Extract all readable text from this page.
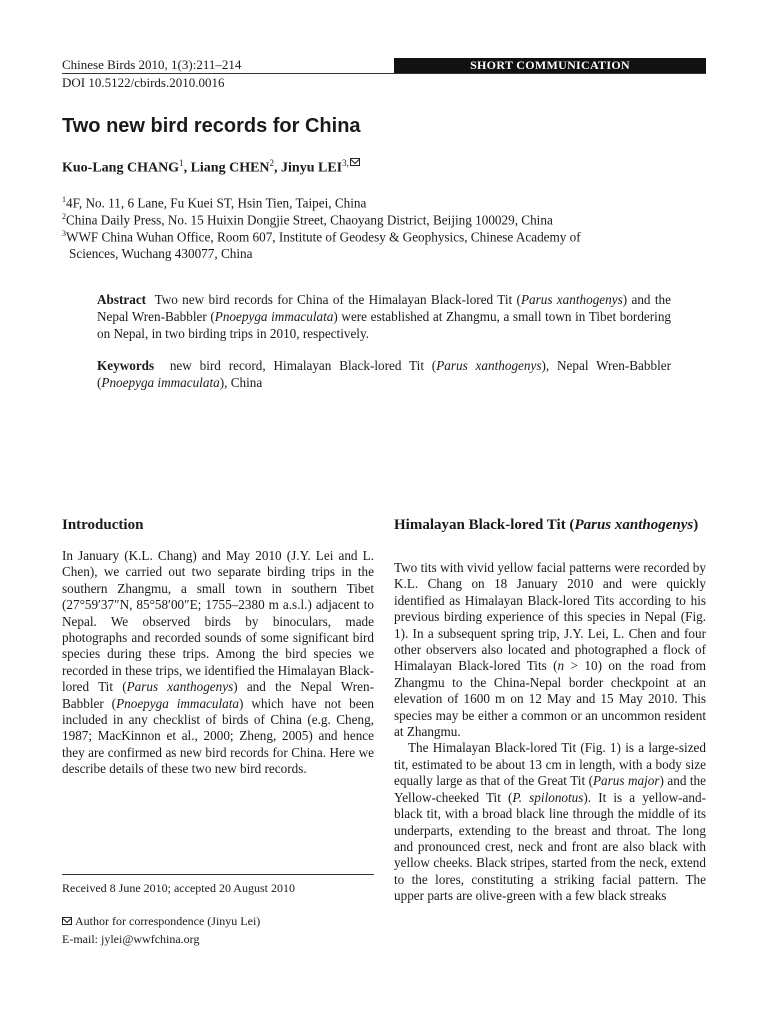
Chinese Birds 2010, 1(3):211–214	SHORT COMMUNICATION
DOI 10.5122/cbirds.2010.0016
Two new bird records for China
Kuo-Lang CHANG$^1$, Liang CHEN$^2$, Jinyu $LEI^{3,}$
$^1$4F, No. 11, 6 Lane, Fu Kuei ST, Hsin Tien, Taipei, China
$^2$China Daily Press, No. 15 Huixin Dongjie Street, Chaoyang District, Beijing 100029, China
$^3$WWF China Wuhan Office, Room 607, Institute of Geodesy & Geophysics, Chinese Academy of
Sciences, Wuchang 430077, China
Abstract Two new bird records for China of the Himalayan Black-lored Tit (Parus xanthogenys) and the Nepal Wren-Babbler (Pnoepyga immaculata) were established at Zhangmu, a small town in Tibet bordering on Nepal, in two birding trips in 2010, respectively.
Keywords new bird record, Himalayan Black-lored Tit (Parus xanthogenys), Nepal Wren-Babbler (Pnoepyga immaculata), China
Introduction

In January (K.L. Chang) and May 2010 (J.Y. Lei and L. Chen), we carried out two separate birding trips in the southern Zhangmu, a small town in southern Tibet (27°59′37″N, 85°58′00″E; 1755–2380 m a.s.l.) adjacent to Nepal. We observed birds by binoculars, made photographs and recorded sounds of some significant bird species during these trips. Among the bird species we recorded in these trips, we identified the Himalayan Black-lored Tit (Parus xanthogenys) and the Nepal Wren-Babbler (Pnoepyga immaculata) which have not been included in any checklist of birds of China (e.g. Cheng, 1987; MacKinnon et al., 2000; Zheng, 2005) and hence they are confirmed as new bird records for China. Here we describe details of these two new bird records.

Received 8 June 2010; accepted 20 August 2010
Author for correspondence (Jinyu Lei)
E-mail: jylei@wwfchina.org
Himalayan Black-lored Tit (Parus xanthogenys)

Two tits with vivid yellow facial patterns were recorded by K.L. Chang on 18 January 2010 and were quickly identified as Himalayan Black-lored Tits according to his previous birding experience of this species in Nepal (Fig. 1). In a subsequent spring trip, J.Y. Lei, L. Chen and four other observers also located and photographed a flock of Himalayan Black-lored Tits (n > 10) on the road from Zhangmu to the China-Nepal border checkpoint at an elevation of 1600 m on 12 May and 15 May 2010. This species may be either a common or an uncommon resident at Zhangmu.

The Himalayan Black-lored Tit (Fig. 1) is a large-sized tit, estimated to be about 13 cm in length, with a body size equally large as that of the Great Tit (Parus major) and the Yellow-cheeked Tit (P. spilonotus). It is a yellow-and-black tit, with a broad black line through the middle of its underparts, extending to the breast and throat. The long and pronounced crest, neck and front are also black with yellow cheeks. Black stripes, started from the neck, extend to the lores, constituting a striking facial pattern. The upper parts are olive-green with a few black streaks
